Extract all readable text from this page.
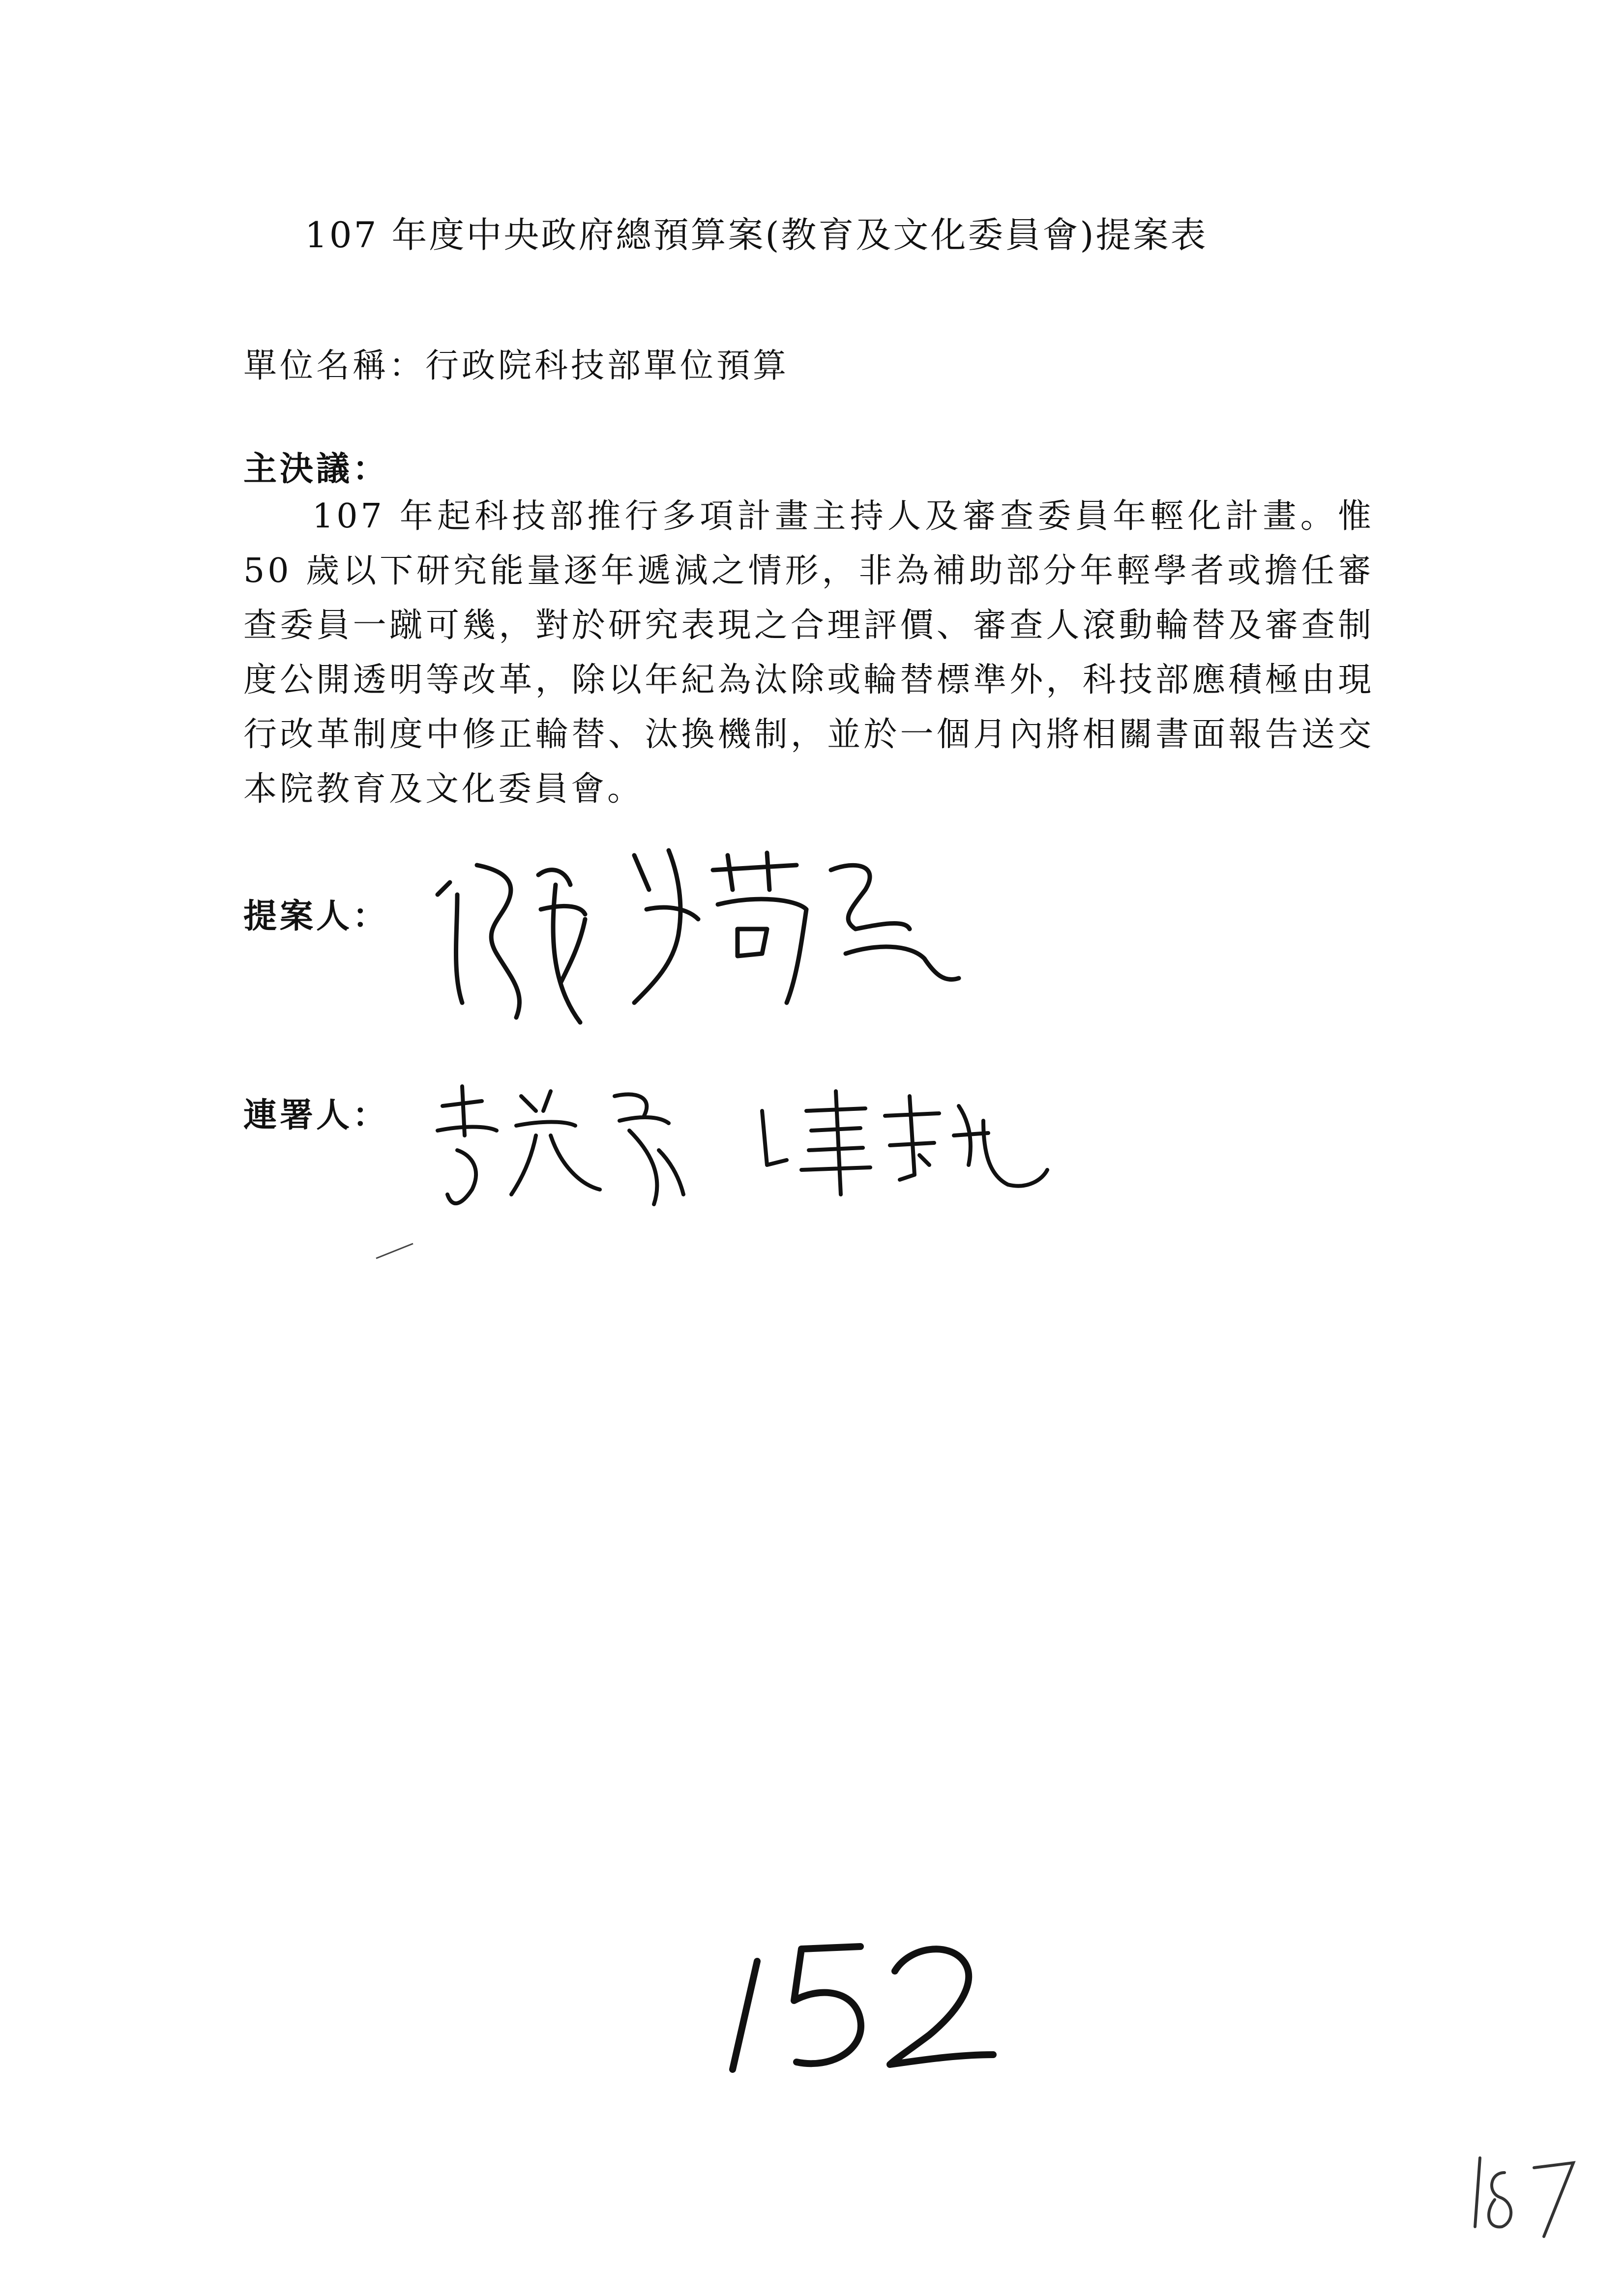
107 年度中央政府總預算案(教育及文化委員會)提案表
單位名稱：行政院科技部單位預算
主決議：
107 年起科技部推行多項計畫主持人及審查委員年輕化計畫。惟 50 歲以下研究能量逐年遞減之情形，非為補助部分年輕學者或擔任審查委員一蹴可幾，對於研究表現之合理評價、審查人滾動輪替及審查制度公開透明等改革，除以年紀為汰除或輪替標準外，科技部應積極由現行改革制度中修正輪替、汰換機制，並於一個月內將相關書面報告送交本院教育及文化委員會。
提案人：
連署人：
